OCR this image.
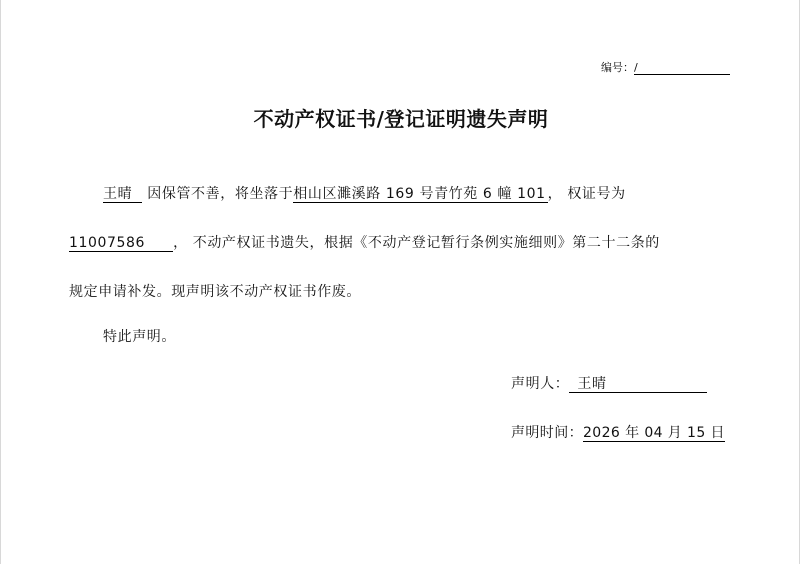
编号：/
不动产权证书/登记证明遗失声明
王晴 因保管不善，将坐落于相山区濉溪路 169 号青竹苑 6 幢 101 ， 权证号为
11007586 ， 不动产权证书遗失，根据《不动产登记暂行条例实施细则》第二十二条的
规定申请补发。现声明该不动产权证书作废。
特此声明。
声明人： 王晴
声明时间：2026 年 04 月 15 日
